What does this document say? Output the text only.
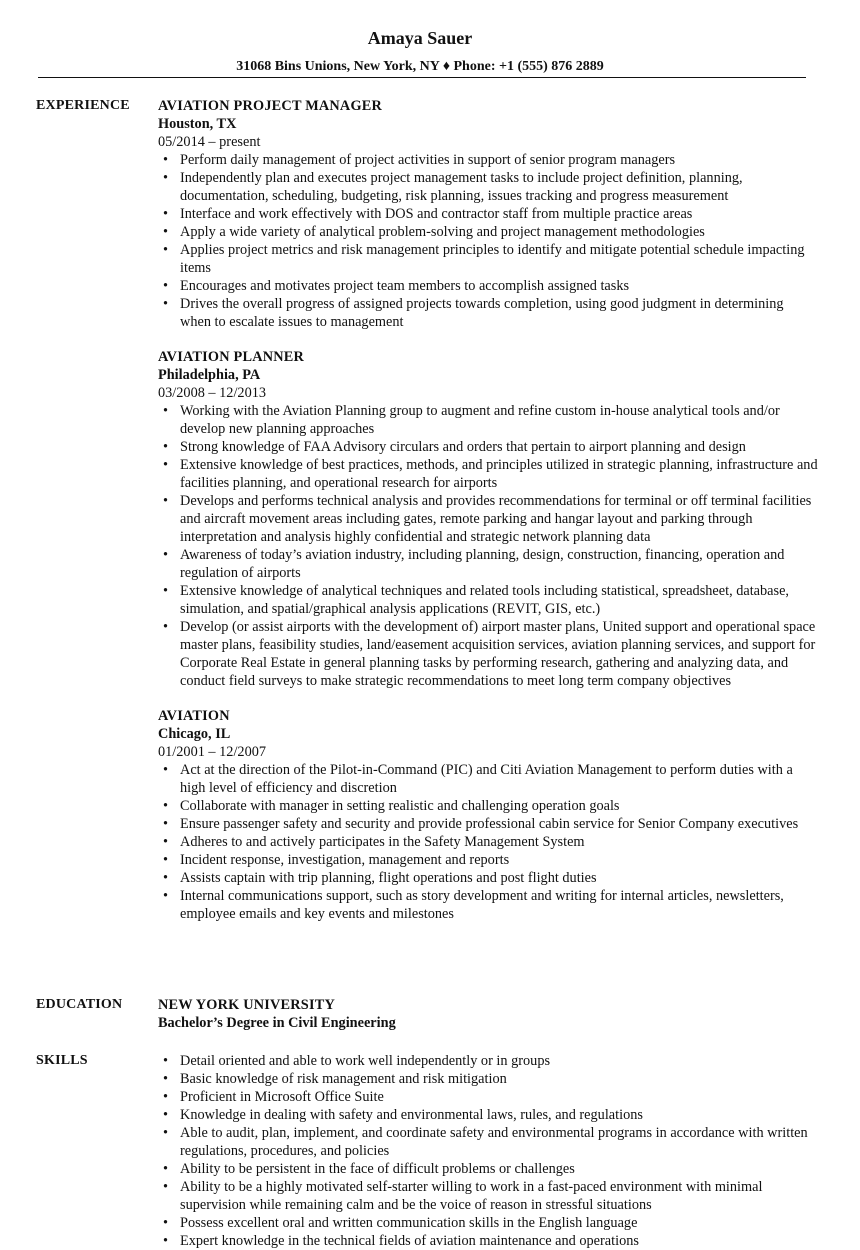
Amaya Sauer
31068 Bins Unions, New York, NY ♦ Phone: +1 (555) 876 2889
EXPERIENCE	AVIATION PROJECT MANAGER
Houston, TX
05/2014 – present
• Perform daily management of project activities in support of senior program managers
• Independently plan and executes project management tasks to include project definition, planning, documentation, scheduling, budgeting, risk planning, issues tracking and progress measurement
• Interface and work effectively with DOS and contractor staff from multiple practice areas
• Apply a wide variety of analytical problem-solving and project management methodologies
• Applies project metrics and risk management principles to identify and mitigate potential schedule impacting items
• Encourages and motivates project team members to accomplish assigned tasks
• Drives the overall progress of assigned projects towards completion, using good judgment in determining when to escalate issues to management
AVIATION PLANNER
Philadelphia, PA
03/2008 – 12/2013
• Working with the Aviation Planning group to augment and refine custom in-house analytical tools and/or develop new planning approaches
• Strong knowledge of FAA Advisory circulars and orders that pertain to airport planning and design
• Extensive knowledge of best practices, methods, and principles utilized in strategic planning, infrastructure and facilities planning, and operational research for airports
• Develops and performs technical analysis and provides recommendations for terminal or off terminal facilities and aircraft movement areas including gates, remote parking and hangar layout and parking through interpretation and analysis highly confidential and strategic network planning data
• Awareness of today’s aviation industry, including planning, design, construction, financing, operation and regulation of airports
• Extensive knowledge of analytical techniques and related tools including statistical, spreadsheet, database, simulation, and spatial/graphical analysis applications (REVIT, GIS, etc.)
• Develop (or assist airports with the development of) airport master plans, United support and operational space master plans, feasibility studies, land/easement acquisition services, aviation planning services, and support for Corporate Real Estate in general planning tasks by performing research, gathering and analyzing data, and conduct field surveys to make strategic recommendations to meet long term company objectives
AVIATION
Chicago, IL
01/2001 – 12/2007
• Act at the direction of the Pilot-in-Command (PIC) and Citi Aviation Management to perform duties with a high level of efficiency and discretion
• Collaborate with manager in setting realistic and challenging operation goals
• Ensure passenger safety and security and provide professional cabin service for Senior Company executives
• Adheres to and actively participates in the Safety Management System
• Incident response, investigation, management and reports
• Assists captain with trip planning, flight operations and post flight duties
• Internal communications support, such as story development and writing for internal articles, newsletters, employee emails and key events and milestones
EDUCATION	NEW YORK UNIVERSITY
Bachelor’s Degree in Civil Engineering
SKILLS	• Detail oriented and able to work well independently or in groups
• Basic knowledge of risk management and risk mitigation
• Proficient in Microsoft Office Suite
• Knowledge in dealing with safety and environmental laws, rules, and regulations
• Able to audit, plan, implement, and coordinate safety and environmental programs in accordance with written regulations, procedures, and policies
• Ability to be persistent in the face of difficult problems or challenges
• Ability to be a highly motivated self-starter willing to work in a fast-paced environment with minimal supervision while remaining calm and be the voice of reason in stressful situations
• Possess excellent oral and written communication skills in the English language
• Expert knowledge in the technical fields of aviation maintenance and operations
